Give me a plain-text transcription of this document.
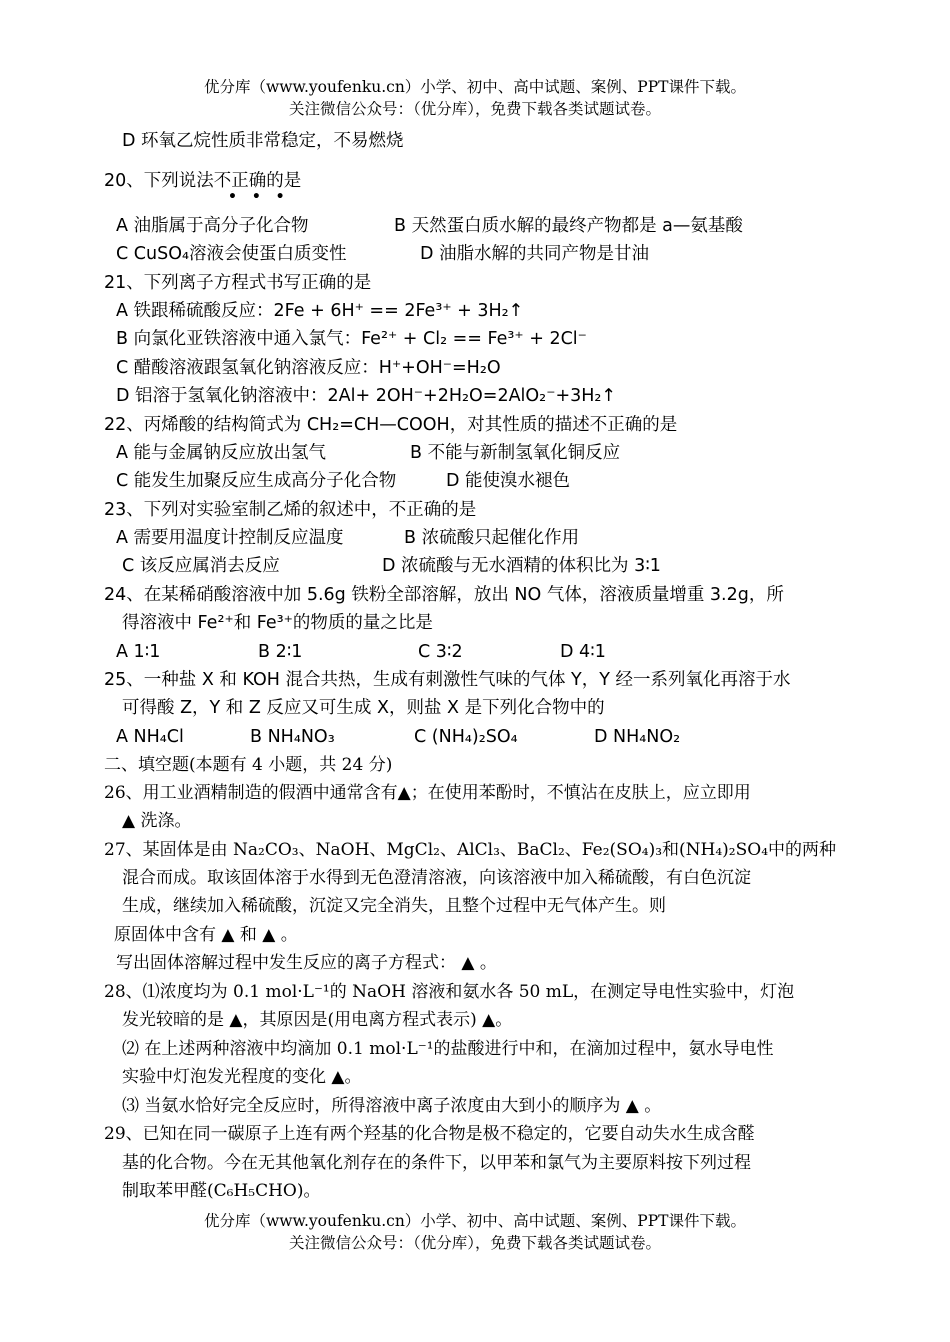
优分库（www.youfenku.cn）小学、初中、高中试题、案例、PPT课件下载。
关注微信公众号：（优分库），免费下载各类试题试卷。
D 环氧乙烷性质非常稳定，不易燃烧
20、下列说法不正确的是
• • •
A 油脂属于高分子化合物	B 天然蛋白质水解的最终产物都是 a—氨基酸
C CuSO₄溶液会使蛋白质变性	D 油脂水解的共同产物是甘油
21、下列离子方程式书写正确的是
A 铁跟稀硫酸反应：2Fe + 6H⁺ == 2Fe³⁺ + 3H₂↑
B 向氯化亚铁溶液中通入氯气：Fe²⁺ + Cl₂ == Fe³⁺ + 2Cl⁻
C 醋酸溶液跟氢氧化钠溶液反应：H⁺+OH⁻=H₂O
D 铝溶于氢氧化钠溶液中：2Al+ 2OH⁻+2H₂O=2AlO₂⁻+3H₂↑
22、丙烯酸的结构简式为 CH₂=CH—COOH，对其性质的描述不正确的是
A 能与金属钠反应放出氢气	B 不能与新制氢氧化铜反应
C 能发生加聚反应生成高分子化合物	D 能使溴水褪色
23、下列对实验室制乙烯的叙述中，不正确的是
A 需要用温度计控制反应温度	B 浓硫酸只起催化作用
C 该反应属消去反应	D 浓硫酸与无水酒精的体积比为 3∶1
24、在某稀硝酸溶液中加 5.6g 铁粉全部溶解，放出 NO 气体，溶液质量增重 3.2g，所
得溶液中 Fe²⁺和 Fe³⁺的物质的量之比是
A 1∶1	B 2∶1	C 3∶2	D 4∶1
25、一种盐 X 和 KOH 混合共热，生成有刺激性气味的气体 Y，Y 经一系列氧化再溶于水
可得酸 Z，Y 和 Z 反应又可生成 X，则盐 X 是下列化合物中的
A NH₄Cl	B NH₄NO₃	C (NH₄)₂SO₄	D NH₄NO₂
二、填空题(本题有 4 小题，共 24 分)
26、用工业酒精制造的假酒中通常含有▲；在使用苯酚时，不慎沾在皮肤上，应立即用
▲ 洗涤。
27、某固体是由 Na₂CO₃、NaOH、MgCl₂、AlCl₃、BaCl₂、Fe₂(SO₄)₃和(NH₄)₂SO₄中的两种
混合而成。取该固体溶于水得到无色澄清溶液，向该溶液中加入稀硫酸，有白色沉淀
生成，继续加入稀硫酸，沉淀又完全消失，且整个过程中无气体产生。则
原固体中含有 ▲ 和 ▲ 。
写出固体溶解过程中发生反应的离子方程式： ▲ 。
28、⑴浓度均为 0.1 mol·L⁻¹的 NaOH 溶液和氨水各 50 mL，在测定导电性实验中，灯泡
发光较暗的是 ▲，其原因是(用电离方程式表示) ▲。
⑵ 在上述两种溶液中均滴加 0.1 mol·L⁻¹的盐酸进行中和，在滴加过程中，氨水导电性
实验中灯泡发光程度的变化 ▲。
⑶ 当氨水恰好完全反应时，所得溶液中离子浓度由大到小的顺序为 ▲ 。
29、已知在同一碳原子上连有两个羟基的化合物是极不稳定的，它要自动失水生成含醛
基的化合物。今在无其他氧化剂存在的条件下，以甲苯和氯气为主要原料按下列过程
制取苯甲醛(C₆H₅CHO)。
优分库（www.youfenku.cn）小学、初中、高中试题、案例、PPT课件下载。
关注微信公众号：（优分库），免费下载各类试题试卷。
